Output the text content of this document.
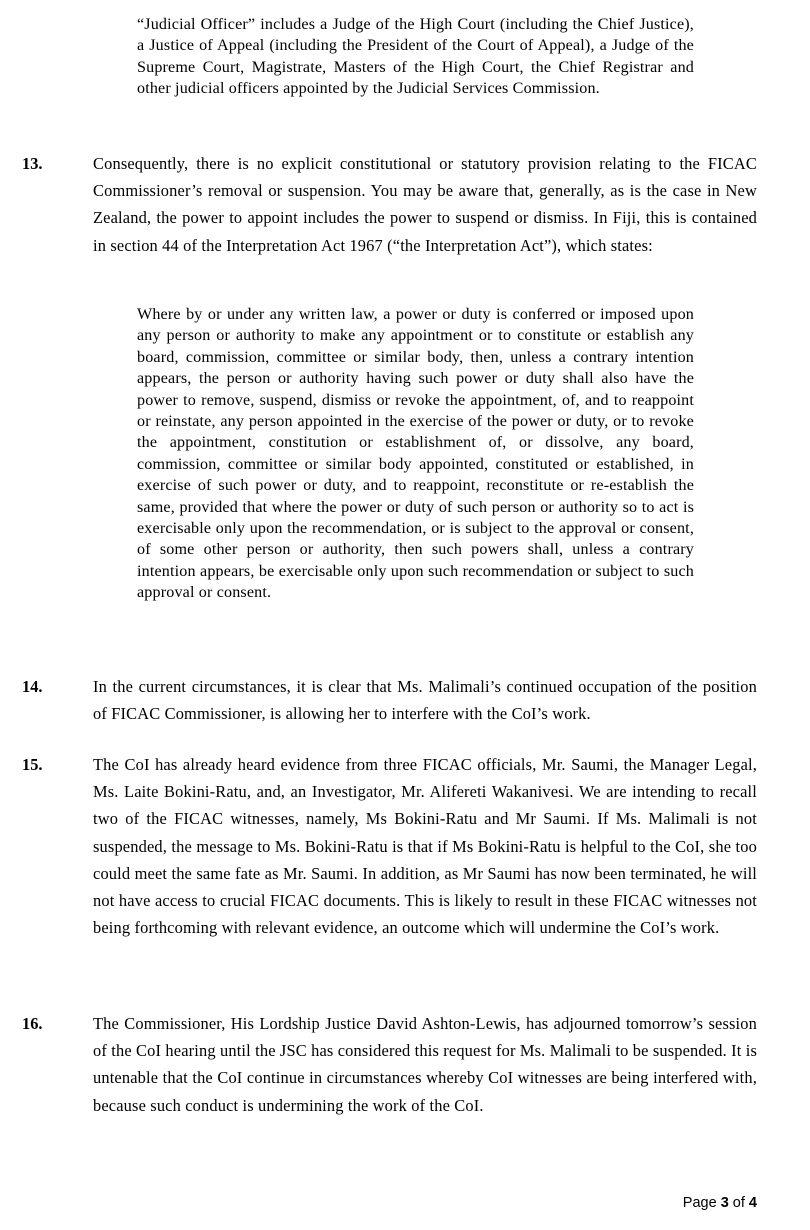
“Judicial Officer” includes a Judge of the High Court (including the Chief Justice), a Justice of Appeal (including the President of the Court of Appeal), a Judge of the Supreme Court, Magistrate, Masters of the High Court, the Chief Registrar and other judicial officers appointed by the Judicial Services Commission.
13.	Consequently, there is no explicit constitutional or statutory provision relating to the FICAC Commissioner’s removal or suspension. You may be aware that, generally, as is the case in New Zealand, the power to appoint includes the power to suspend or dismiss. In Fiji, this is contained in section 44 of the Interpretation Act 1967 (“the Interpretation Act”), which states:
Where by or under any written law, a power or duty is conferred or imposed upon any person or authority to make any appointment or to constitute or establish any board, commission, committee or similar body, then, unless a contrary intention appears, the person or authority having such power or duty shall also have the power to remove, suspend, dismiss or revoke the appointment, of, and to reappoint or reinstate, any person appointed in the exercise of the power or duty, or to revoke the appointment, constitution or establishment of, or dissolve, any board, commission, committee or similar body appointed, constituted or established, in exercise of such power or duty, and to reappoint, reconstitute or re-establish the same, provided that where the power or duty of such person or authority so to act is exercisable only upon the recommendation, or is subject to the approval or consent, of some other person or authority, then such powers shall, unless a contrary intention appears, be exercisable only upon such recommendation or subject to such approval or consent.
14.	In the current circumstances, it is clear that Ms. Malimali’s continued occupation of the position of FICAC Commissioner, is allowing her to interfere with the CoI’s work.
15.	The CoI has already heard evidence from three FICAC officials, Mr. Saumi, the Manager Legal, Ms. Laite Bokini-Ratu, and, an Investigator, Mr. Alifereti Wakanivesi. We are intending to recall two of the FICAC witnesses, namely, Ms Bokini-Ratu and Mr Saumi. If Ms. Malimali is not suspended, the message to Ms. Bokini-Ratu is that if Ms Bokini-Ratu is helpful to the CoI, she too could meet the same fate as Mr. Saumi. In addition, as Mr Saumi has now been terminated, he will not have access to crucial FICAC documents. This is likely to result in these FICAC witnesses not being forthcoming with relevant evidence, an outcome which will undermine the CoI’s work.
16.	The Commissioner, His Lordship Justice David Ashton-Lewis, has adjourned tomorrow’s session of the CoI hearing until the JSC has considered this request for Ms. Malimali to be suspended. It is untenable that the CoI continue in circumstances whereby CoI witnesses are being interfered with, because such conduct is undermining the work of the CoI.
Page 3 of 4
